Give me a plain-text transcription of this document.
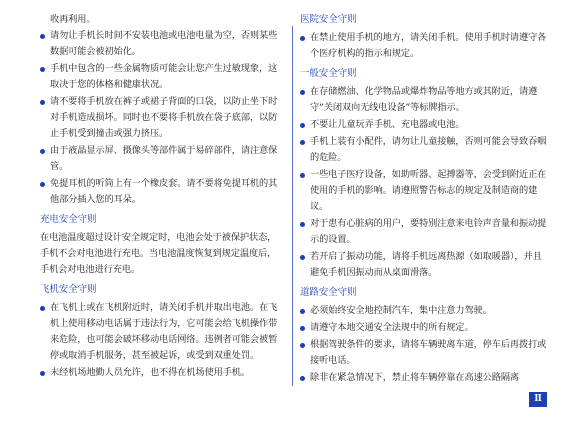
收再利用。

请勿让手机长时间不安装电池或电池电量为空，否则某些数据可能会被初始化。
手机中包含的一些金属物质可能会让您产生过敏现象，这取决于您的体格和健康状况。
请不要将手机放在裤子或裙子背面的口袋，以防止坐下时对手机造成损坏。同时也不要将手机放在袋子底部，以防止手机受到撞击或强力挤压。
由于液晶显示屏、摄像头等部件属于易碎部件，请注意保管。
免提耳机的听筒上有一个橡皮套。请不要将免提耳机的其他部分插入您的耳朵。
充电安全守则

在电池温度超过设计安全规定时，电池会处于被保护状态，手机不会对电池进行充电。当电池温度恢复到规定温度后，手机会对电池进行充电。

飞机安全守则
在飞机上或在飞机附近时，请关闭手机并取出电池。在飞机上使用移动电话属于违法行为，它可能会给飞机操作带来危险，也可能会破坏移动电话网络。违例者可能会被暂停或取消手机服务，甚至被起诉，或受到双重处罚。
未经机场地勤人员允许，也不得在机场使用手机。
医院安全守则
在禁止使用手机的地方，请关闭手机。使用手机时请遵守各个医疗机构的指示和规定。
一般安全守则
在存储燃油、化学物品或爆炸物品等地方或其附近，请遵守“关闭双向无线电设备”等标牌指示。
不要让儿童玩弄手机、充电器或电池。
手机上装有小配件，请勿让儿童接触，否则可能会导致吞咽的危险。
一些电子医疗设备，如助听器、起搏器等，会受到附近正在使用的手机的影响。请遵照警告标志的规定及制造商的建议。
对于患有心脏病的用户，要特别注意来电铃声音量和振动提示的设置。
若开启了振动功能，请将手机远离热源（如取暖器），并且避免手机因振动而从桌面滑落。
道路安全守则
必须始终安全地控制汽车，集中注意力驾驶。
请遵守本地交通安全法规中的所有规定。
根据驾驶条件的要求，请将车辆驶离车道，停车后再拨打或接听电话。
除非在紧急情况下，禁止将车辆停靠在高速公路隔离
Ⅱ
